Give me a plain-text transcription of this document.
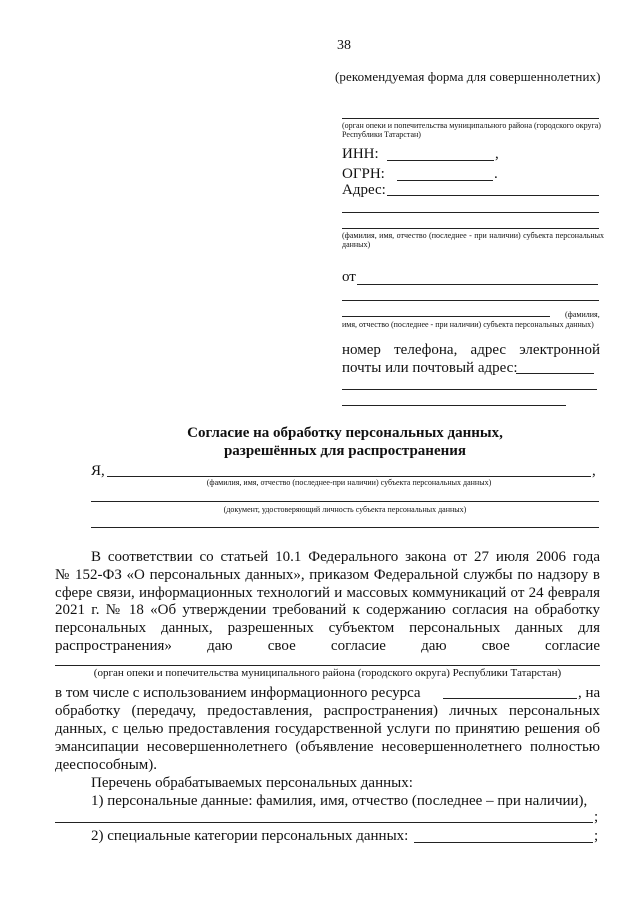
38
(рекомендуемая форма для совершеннолетних)
(орган опеки и попечительства муниципального района (городского округа) Республики Татарстан)
ИНН:	,
ОГРН:	.
Адрес:
(фамилия, имя, отчество (последнее - при наличии) субъекта персональных данных)
от
(фамилия,
имя, отчество (последнее - при наличии) субъекта персональных данных)
номер телефона, адрес электронной
почты или почтовый адрес:
Согласие на обработку персональных данных,
разрешённых для распространения
Я,	,
(фамилия, имя, отчество (последнее-при наличии) субъекта персональных данных)
(документ, удостоверяющий личность субъекта персональных данных)
В соответствии со статьей 10.1 Федерального закона от 27 июля 2006 года
№ 152-ФЗ «О персональных данных», приказом Федеральной службы по надзору в
сфере связи, информационных технологий и массовых коммуникаций от 24 февраля
2021 г. № 18 «Об утверждении требований к содержанию согласия на обработку
персональных данных, разрешенных субъектом персональных данных для
распространения» даю свое согласие даю свое согласие
(орган опеки и попечительства муниципального района (городского округа) Республики Татарстан)
в том числе с использованием информационного ресурса	, на
обработку (передачу, предоставления, распространения) личных персональных
данных, с целью предоставления государственной услуги по принятию решения об
эмансипации несовершеннолетнего (объявление несовершеннолетнего полностью
дееспособным).
Перечень обрабатываемых персональных данных:
1) персональные данные: фамилия, имя, отчество (последнее – при наличии),
;
2) специальные категории персональных данных:	;
